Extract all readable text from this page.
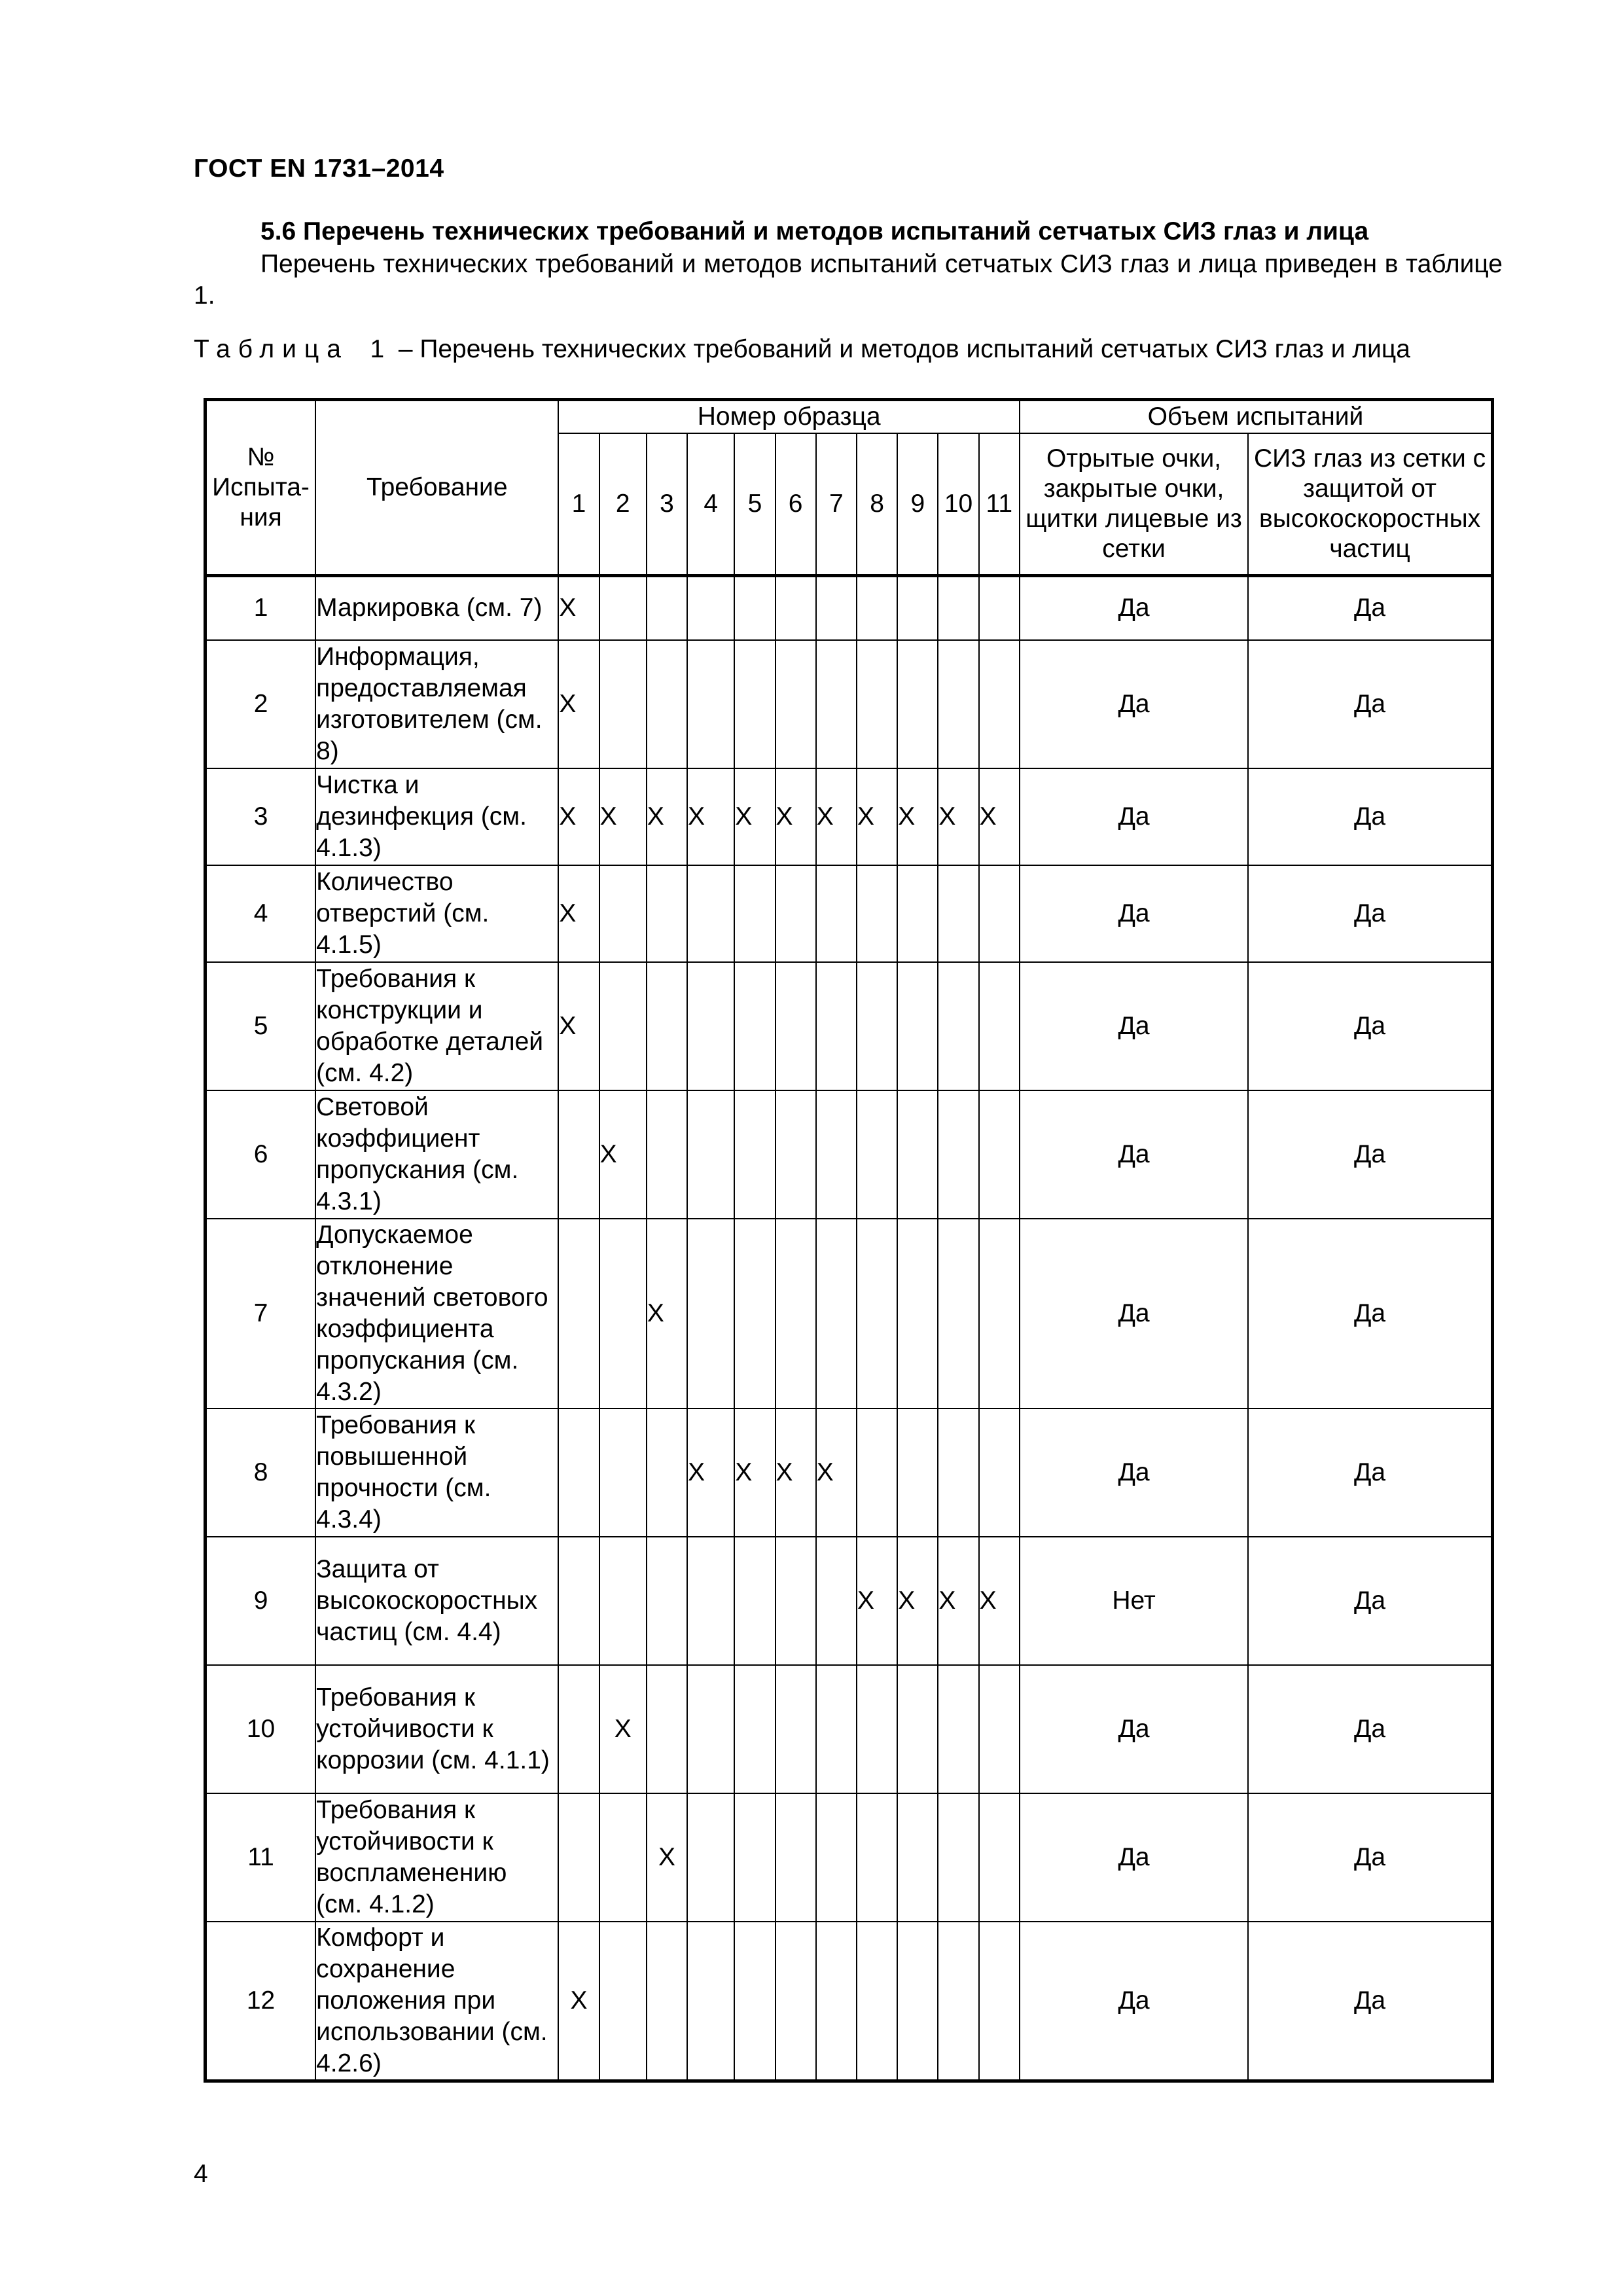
ГОСТ EN 1731–2014
5.6 Перечень технических требований и методов испытаний сетчатых СИЗ глаз и лица
Перечень технических требований и методов испытаний сетчатых СИЗ глаз и лица приведен в таблице 1.
Таблица 1 – Перечень технических требований и методов испытаний сетчатых СИЗ глаз и лица
№ Испыта-ния	Требование	Номер образца											Объем испытаний	
		1	2	3	4	5	6	7	8	9	10	11	Отрытые очки, закрытые очки, щитки лицевые из сетки	СИЗ глаз из сетки с защитой от высокоскоростных частиц
1	Маркировка (см. 7)	X											Да	Да
2	Информация, предоставляемая изготовителем (см. 8)	X											Да	Да
3	Чистка и дезинфекция (см. 4.1.3)	X	X	X	X	X	X	X	X	X	X	X	Да	Да
4	Количество отверстий (см. 4.1.5)	X											Да	Да
5	Требования к конструкции и обработке деталей (см. 4.2)	X											Да	Да
6	Световой коэффициент пропускания (см. 4.3.1)		X										Да	Да
7	Допускаемое отклонение значений светового коэффициента пропускания (см. 4.3.2)			X									Да	Да
8	Требования к повышенной прочности (см. 4.3.4)				X	X	X	X					Да	Да
9	Защита от высокоскоростных частиц (см. 4.4)								X	X	X	X	Нет	Да
10	Требования к устойчивости к коррозии (см. 4.1.1)		X										Да	Да
11	Требования к устойчивости к воспламенению (см. 4.1.2)			X									Да	Да
12	Комфорт и сохранение положения при использовании (см. 4.2.6)	X											Да	Да
4
